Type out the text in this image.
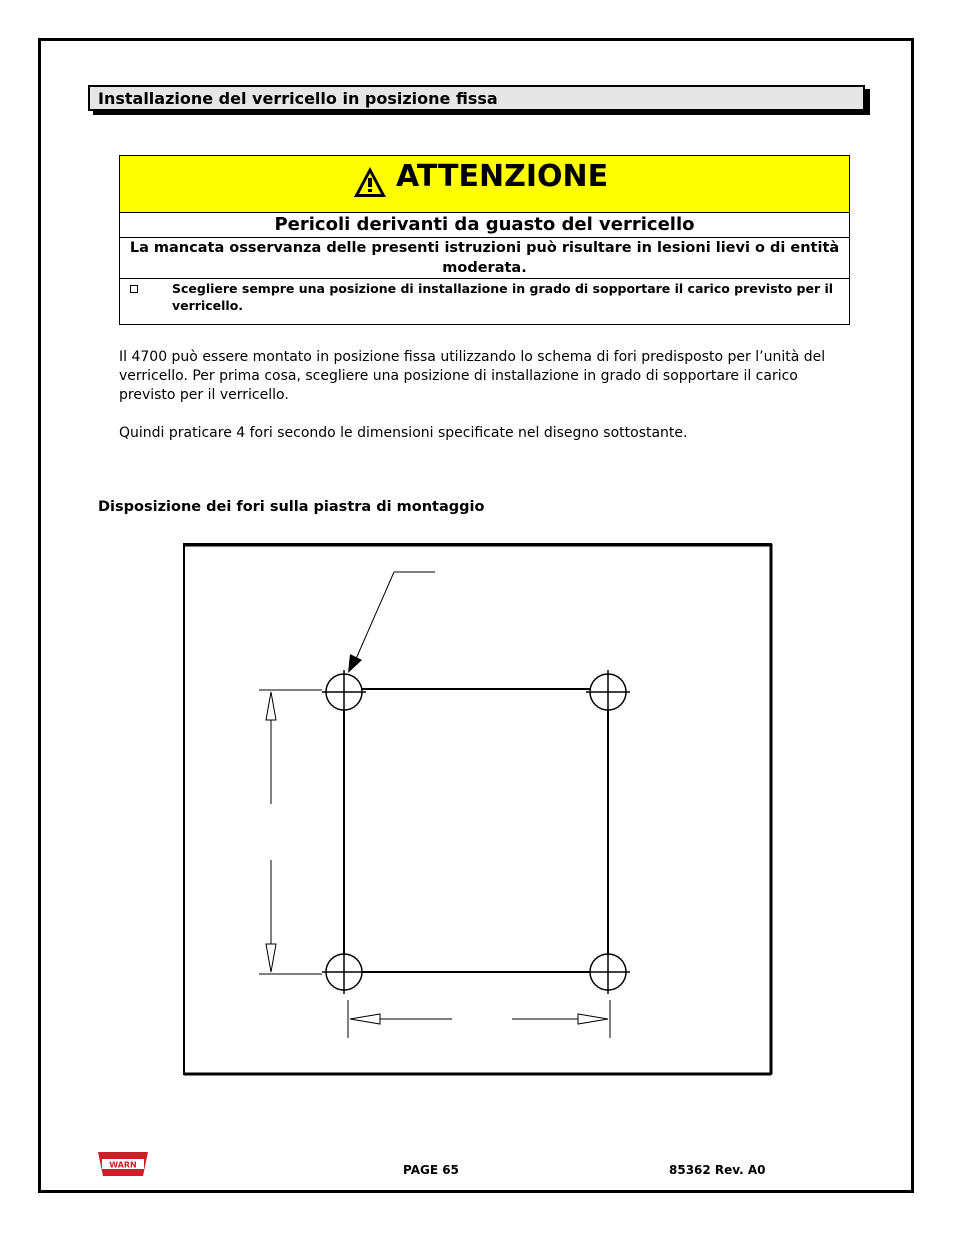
Installazione del verricello in posizione fissa
ATTENZIONE
Pericoli derivanti da guasto del verricello
La mancata osservanza delle presenti istruzioni può risultare in lesioni lievi o di entità moderata.
Scegliere sempre una posizione di installazione in grado di sopportare il carico previsto per il verricello.
Il 4700 può essere montato in posizione fissa utilizzando lo schema di fori predisposto per l’unità del verricello. Per prima cosa, scegliere una posizione di installazione in grado di sopportare il carico previsto per il verricello.
Quindi praticare 4 fori secondo le dimensioni specificate nel disegno sottostante.
Disposizione dei fori sulla piastra di montaggio
WARN	PAGE 65	85362 Rev. A0
